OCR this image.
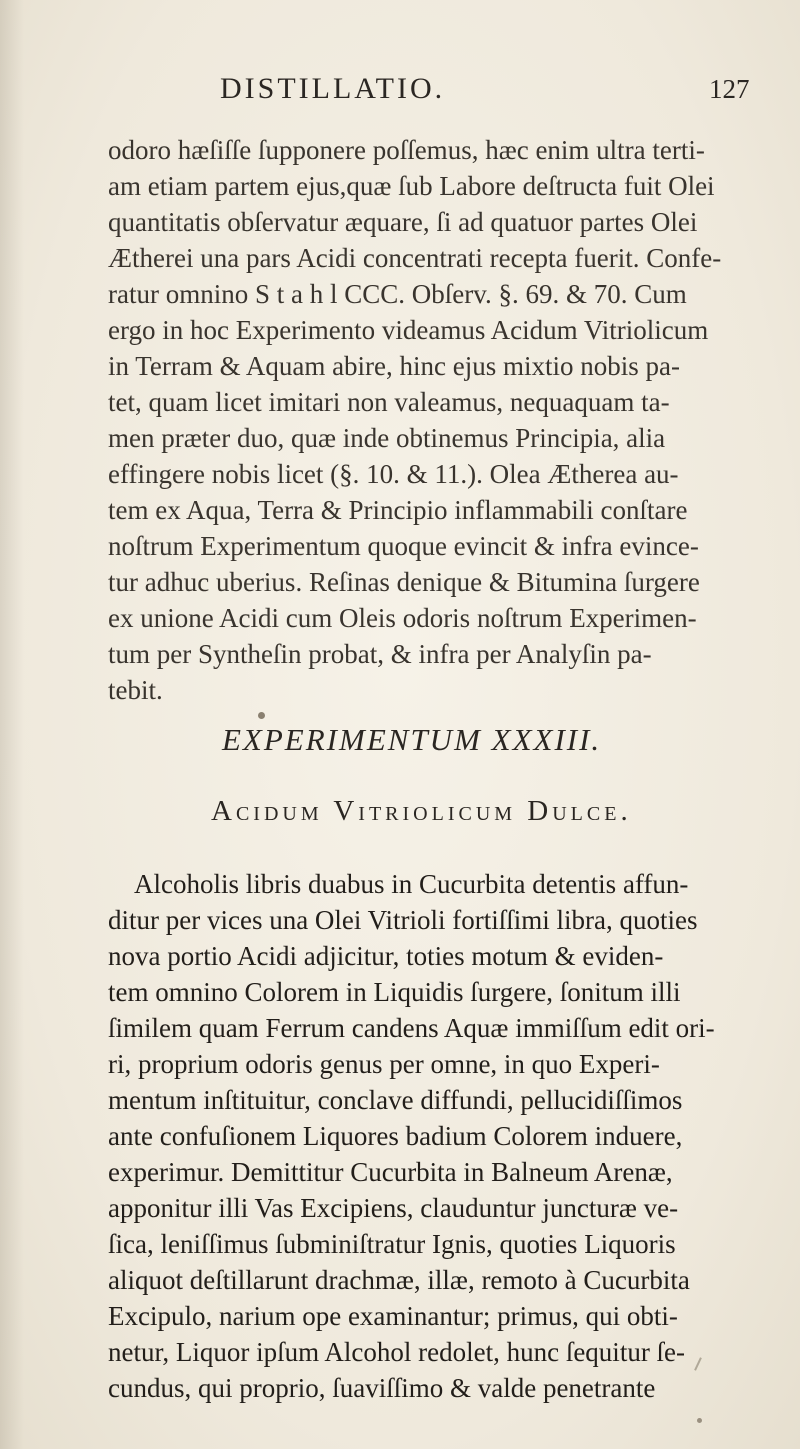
DISTILLATIO.	127
odoro hæſiſſe ſupponere poſſemus, hæc enim ultra terti-
am etiam partem ejus,quæ ſub Labore deſtructa fuit Olei
quantitatis obſervatur æquare, ſi ad quatuor partes Olei
Ætherei una pars Acidi concentrati recepta fuerit. Confe-
ratur omnino S t a h l CCC. Obſerv. §. 69. & 70. Cum
ergo in hoc Experimento videamus Acidum Vitriolicum
in Terram & Aquam abire, hinc ejus mixtio nobis pa-
tet, quam licet imitari non valeamus, nequaquam ta-
men præter duo, quæ inde obtinemus Principia, alia
effingere nobis licet (§. 10. & 11.). Olea Ætherea au-
tem ex Aqua, Terra & Principio inflammabili conſtare
noſtrum Experimentum quoque evincit & infra evince-
tur adhuc uberius. Reſinas denique & Bitumina ſurgere
ex unione Acidi cum Oleis odoris noſtrum Experimen-
tum per Syntheſin probat, & infra per Analyſin pa-
tebit.
EXPERIMENTUM XXXIII.
Acidum Vitriolicum Dulce.
Alcoholis libris duabus in Cucurbita detentis affun-
ditur per vices una Olei Vitrioli fortiſſimi libra, quoties
nova portio Acidi adjicitur, toties motum & eviden-
tem omnino Colorem in Liquidis ſurgere, ſonitum illi
ſimilem quam Ferrum candens Aquæ immiſſum edit ori-
ri, proprium odoris genus per omne, in quo Experi-
mentum inſtituitur, conclave diffundi, pellucidiſſimos
ante confuſionem Liquores badium Colorem induere,
experimur. Demittitur Cucurbita in Balneum Arenæ,
apponitur illi Vas Excipiens, clauduntur juncturæ ve-
ſica, leniſſimus ſubminiſtratur Ignis, quoties Liquoris
aliquot deſtillarunt drachmæ, illæ, remoto à Cucurbita
Excipulo, narium ope examinantur; primus, qui obti-
netur, Liquor ipſum Alcohol redolet, hunc ſequitur ſe-
cundus, qui proprio, ſuaviſſimo & valde penetrante
